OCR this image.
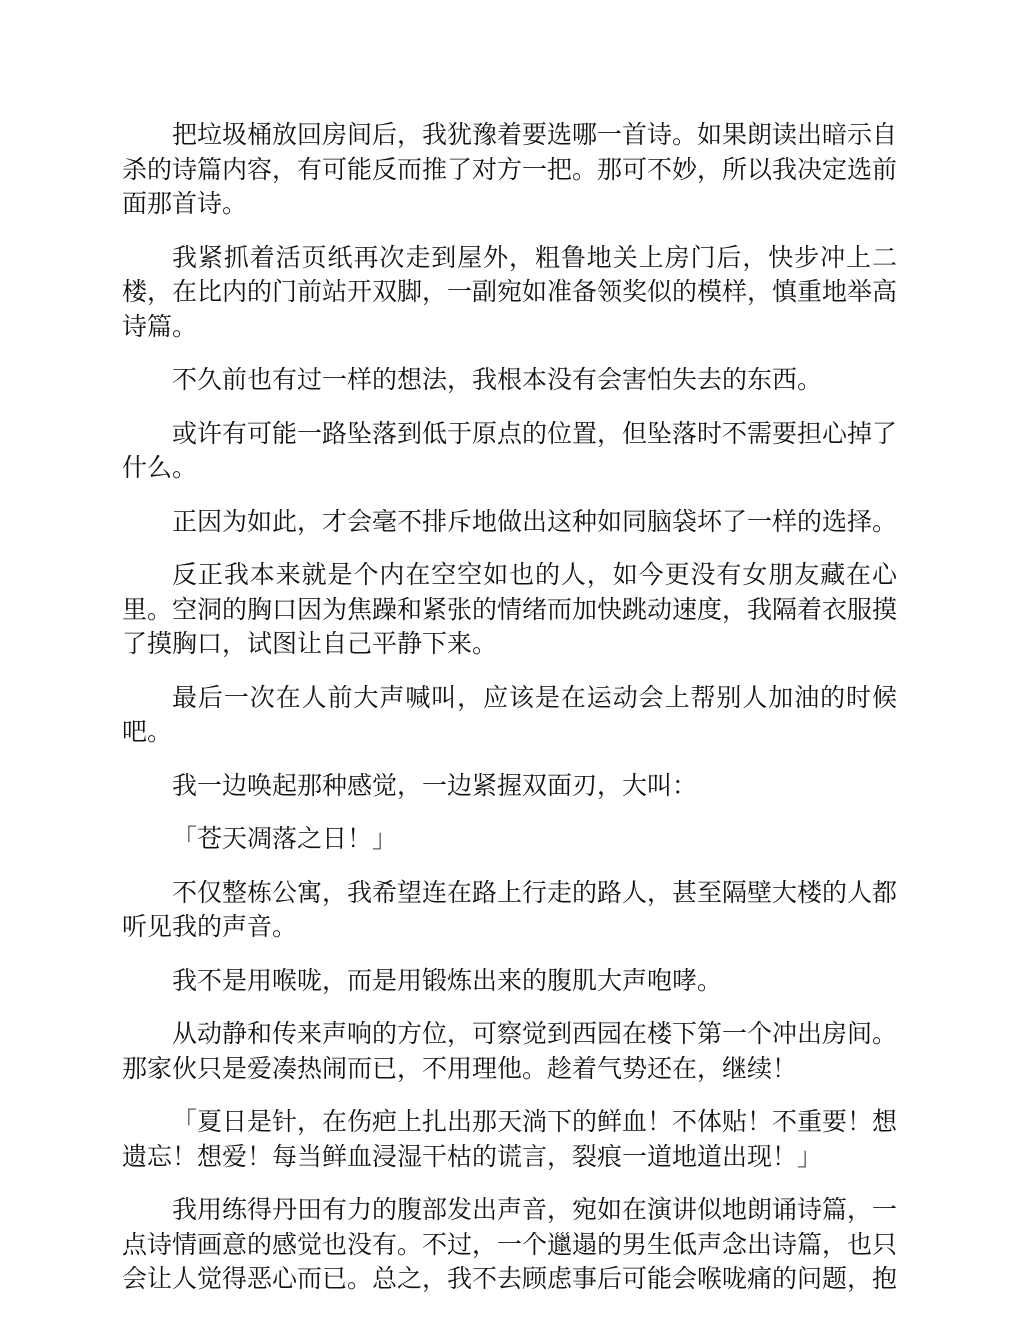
把垃圾桶放回房间后，我犹豫着要选哪一首诗。如果朗读出暗示自杀的诗篇内容，有可能反而推了对方一把。那可不妙，所以我决定选前面那首诗。

我紧抓着活页纸再次走到屋外，粗鲁地关上房门后，快步冲上二楼，在比内的门前站开双脚，一副宛如准备领奖似的模样，慎重地举高诗篇。

不久前也有过一样的想法，我根本没有会害怕失去的东西。

或许有可能一路坠落到低于原点的位置，但坠落时不需要担心掉了什么。

正因为如此，才会毫不排斥地做出这种如同脑袋坏了一样的选择。

反正我本来就是个内在空空如也的人，如今更没有女朋友藏在心里。空洞的胸口因为焦躁和紧张的情绪而加快跳动速度，我隔着衣服摸了摸胸口，试图让自己平静下来。

最后一次在人前大声喊叫，应该是在运动会上帮别人加油的时候吧。

我一边唤起那种感觉，一边紧握双面刃，大叫：

「苍天凋落之日！」

不仅整栋公寓，我希望连在路上行走的路人，甚至隔壁大楼的人都听见我的声音。

我不是用喉咙，而是用锻炼出来的腹肌大声咆哮。

从动静和传来声响的方位，可察觉到西园在楼下第一个冲出房间。那家伙只是爱凑热闹而已，不用理他。趁着气势还在，继续！

「夏日是针，在伤疤上扎出那天淌下的鲜血！不体贴！不重要！想遗忘！想爱！每当鲜血浸湿干枯的谎言，裂痕一道地道出现！」

我用练得丹田有力的腹部发出声音，宛如在演讲似地朗诵诗篇，一点诗情画意的感觉也没有。不过，一个邋遢的男生低声念出诗篇，也只会让人觉得恶心而已。总之，我不去顾虑事后可能会喉咙痛的问题，抱
